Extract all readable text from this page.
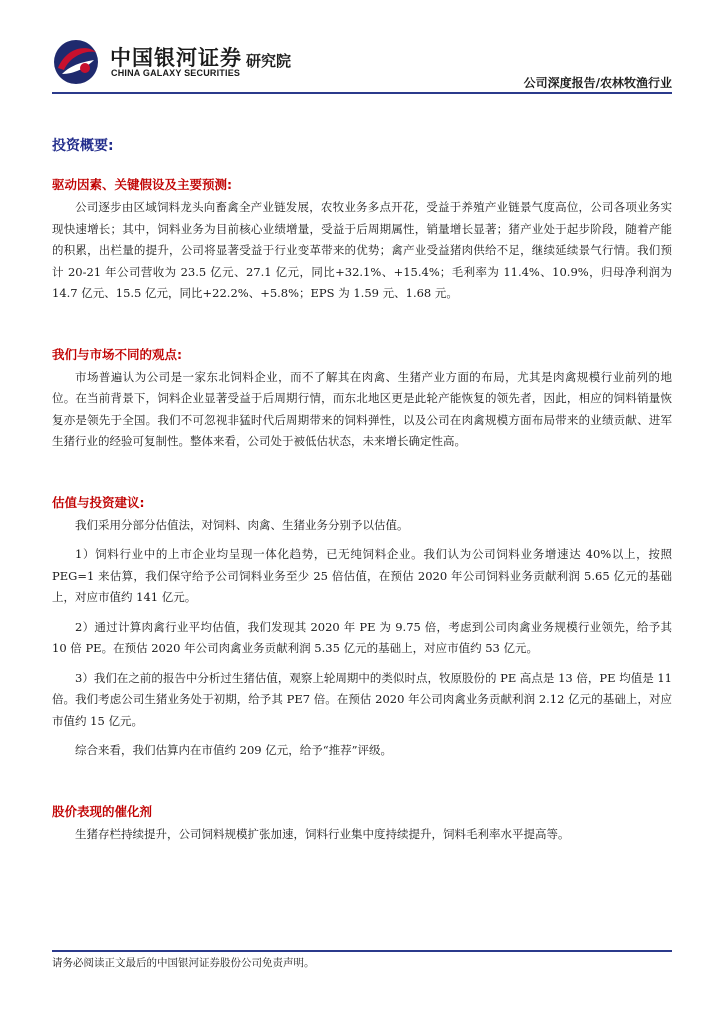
中国银河证券
CHINA GALAXY SECURITIES
研究院
公司深度报告/农林牧渔行业
投资概要:
驱动因素、关键假设及主要预测:

公司逐步由区域饲料龙头向畜禽全产业链发展，农牧业务多点开花，受益于养殖产业链景气度高位，公司各项业务实现快速增长；其中，饲料业务为目前核心业绩增量，受益于后周期属性，销量增长显著；猪产业处于起步阶段，随着产能的积累，出栏量的提升，公司将显著受益于行业变革带来的优势；禽产业受益猪肉供给不足，继续延续景气行情。我们预计 20-21 年公司营收为 23.5 亿元、27.1 亿元，同比+32.1%、+15.4%；毛利率为 11.4%、10.9%，归母净利润为 14.7 亿元、15.5 亿元，同比+22.2%、+5.8%；EPS 为 1.59 元、1.68 元。

我们与市场不同的观点:

市场普遍认为公司是一家东北饲料企业，而不了解其在肉禽、生猪产业方面的布局，尤其是肉禽规模行业前列的地位。在当前背景下，饲料企业显著受益于后周期行情，而东北地区更是此轮产能恢复的领先者，因此，相应的饲料销量恢复亦是领先于全国。我们不可忽视非猛时代后周期带来的饲料弹性，以及公司在肉禽规模方面布局带来的业绩贡献、进军生猪行业的经验可复制性。整体来看，公司处于被低估状态，未来增长确定性高。

估值与投资建议:

我们采用分部分估值法，对饲料、肉禽、生猪业务分别予以估值。

1）饲料行业中的上市企业均呈现一体化趋势，已无纯饲料企业。我们认为公司饲料业务增速达 40%以上，按照 PEG=1 来估算，我们保守给予公司饲料业务至少 25 倍估值，在预估 2020 年公司饲料业务贡献利润 5.65 亿元的基础上，对应市值约 141 亿元。

2）通过计算肉禽行业平均估值，我们发现其 2020 年 PE 为 9.75 倍，考虑到公司肉禽业务规模行业领先，给予其 10 倍 PE。在预估 2020 年公司肉禽业务贡献利润 5.35 亿元的基础上，对应市值约 53 亿元。

3）我们在之前的报告中分析过生猪估值，观察上轮周期中的类似时点，牧原股份的 PE 高点是 13 倍，PE 均值是 11 倍。我们考虑公司生猪业务处于初期，给予其 PE7 倍。在预估 2020 年公司肉禽业务贡献利润 2.12 亿元的基础上，对应市值约 15 亿元。

综合来看，我们估算内在市值约 209 亿元，给予“推荐”评级。

股价表现的催化剂

生猪存栏持续提升，公司饲料规模扩张加速，饲料行业集中度持续提升，饲料毛利率水平提高等。

请务必阅读正文最后的中国银河证券股份公司免责声明。
